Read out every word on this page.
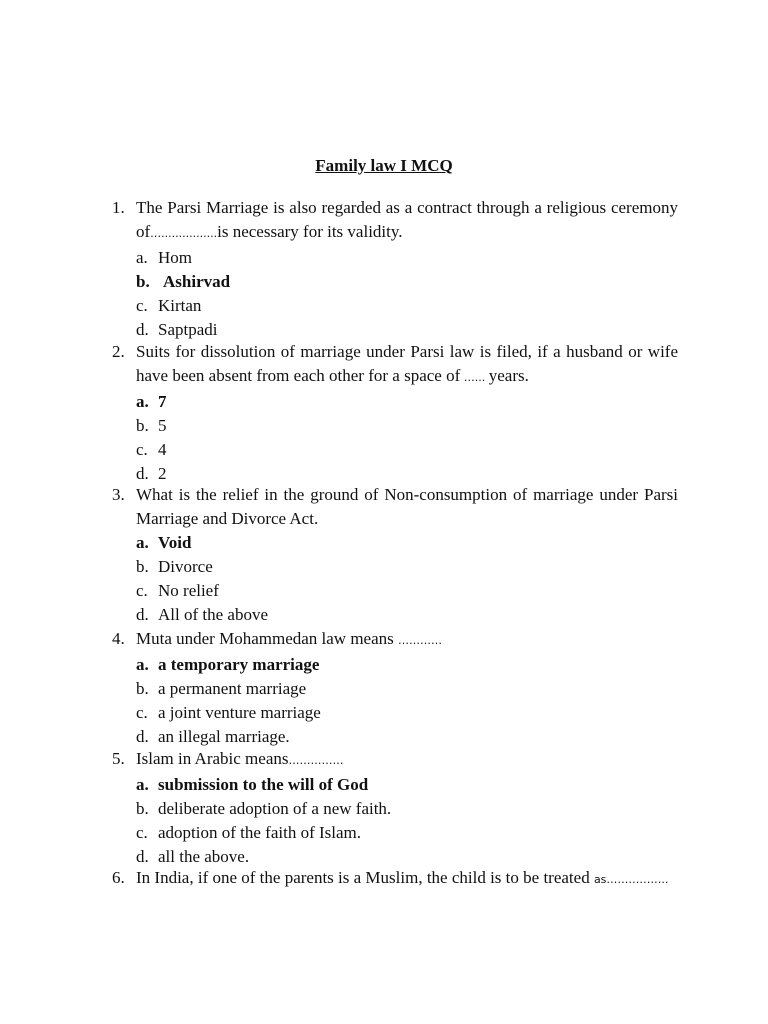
Family law I MCQ
1. The Parsi Marriage is also regarded as a contract through a religious ceremony of…................is necessary for its validity.
a. Hom
b. Ashirvad
c. Kirtan
d. Saptpadi
2. Suits for dissolution of marriage under Parsi law is filed, if a husband or wife have been absent from each other for a space of …... years.
a. 7
b. 5
c. 4
d. 2
3. What is the relief in the ground of Non-consumption of marriage under Parsi Marriage and Divorce Act.
a. Void
b. Divorce
c. No relief
d. All of the above
4. Muta under Mohammedan law means …………
a. a temporary marriage
b. a permanent marriage
c. a joint venture marriage
d. an illegal marriage.
5. Islam in Arabic means……………
a. submission to the will of God
b. deliberate adoption of a new faith.
c. adoption of the faith of Islam.
d. all the above.
6. In India, if one of the parents is a Muslim, the child is to be treated as……………..
